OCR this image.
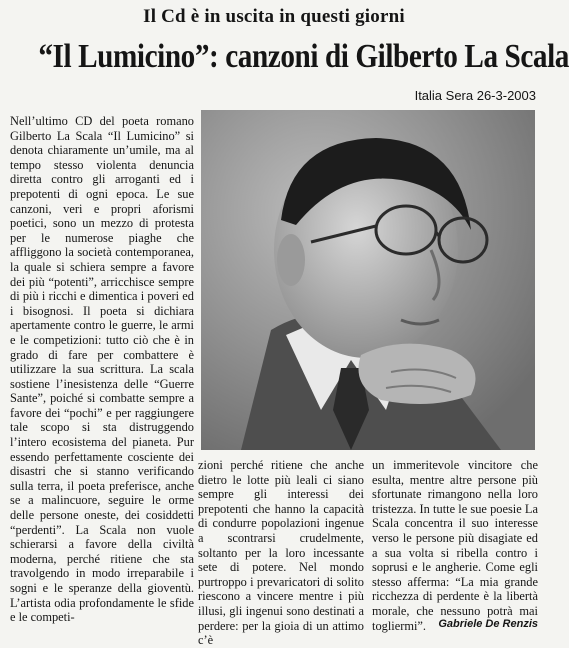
Il Cd è in uscita in questi giorni
“Il Lumicino”: canzoni di Gilberto La Scala
Italia Sera 26-3-2003

Nell’ultimo CD del poeta romano Gilberto La Scala “Il Lumicino” si denota chiaramente un’umile, ma al tempo stesso violenta denuncia diretta contro gli arroganti ed i prepotenti di ogni epoca. Le sue canzoni, veri e propri aforismi poetici, sono un mezzo di protesta per le numerose piaghe che affliggono la società contemporanea, la quale si schiera sempre a favore dei più “potenti”, arricchisce sempre di più i ricchi e dimentica i poveri ed i bisognosi. Il poeta si dichiara apertamente contro le guerre, le armi e le competizioni: tutto ciò che è in grado di fare per combattere è utilizzare la sua scrittura. La scala sostiene l’inesistenza delle “Guerre Sante”, poiché si combatte sempre a favore dei “pochi” e per raggiungere tale scopo si sta distruggendo l’intero ecosistema del pianeta. Pur essendo perfettamente cosciente dei disastri che si stanno verificando sulla terra, il poeta preferisce, anche se a malincuore, seguire le orme delle persone oneste, dei cosiddetti “perdenti”. La Scala non vuole schierarsi a favore della civiltà moderna, perché ritiene che sta travolgendo in modo irreparabile i sogni e le speranze della gioventù. L’artista odia profondamente le sfide e le competi-

zioni perché ritiene che anche dietro le lotte più leali ci siano sempre gli interessi dei prepotenti che hanno la capacità di condurre popolazioni ingenue a scontrarsi crudelmente, soltanto per la loro incessante sete di potere. Nel mondo purtroppo i prevaricatori di solito riescono a vincere mentre i più illusi, gli ingenui sono destinati a perdere: per la gioia di un attimo c’è

un immeritevole vincitore che esulta, mentre altre persone più sfortunate rimangono nella loro tristezza. In tutte le sue poesie La Scala concentra il suo interesse verso le persone più disagiate ed a sua volta si ribella contro i soprusi e le angherie. Come egli stesso afferma: “La mia grande ricchezza di perdente è la libertà morale, che nessuno potrà mai togliermi”.	Gabriele De Renzis
